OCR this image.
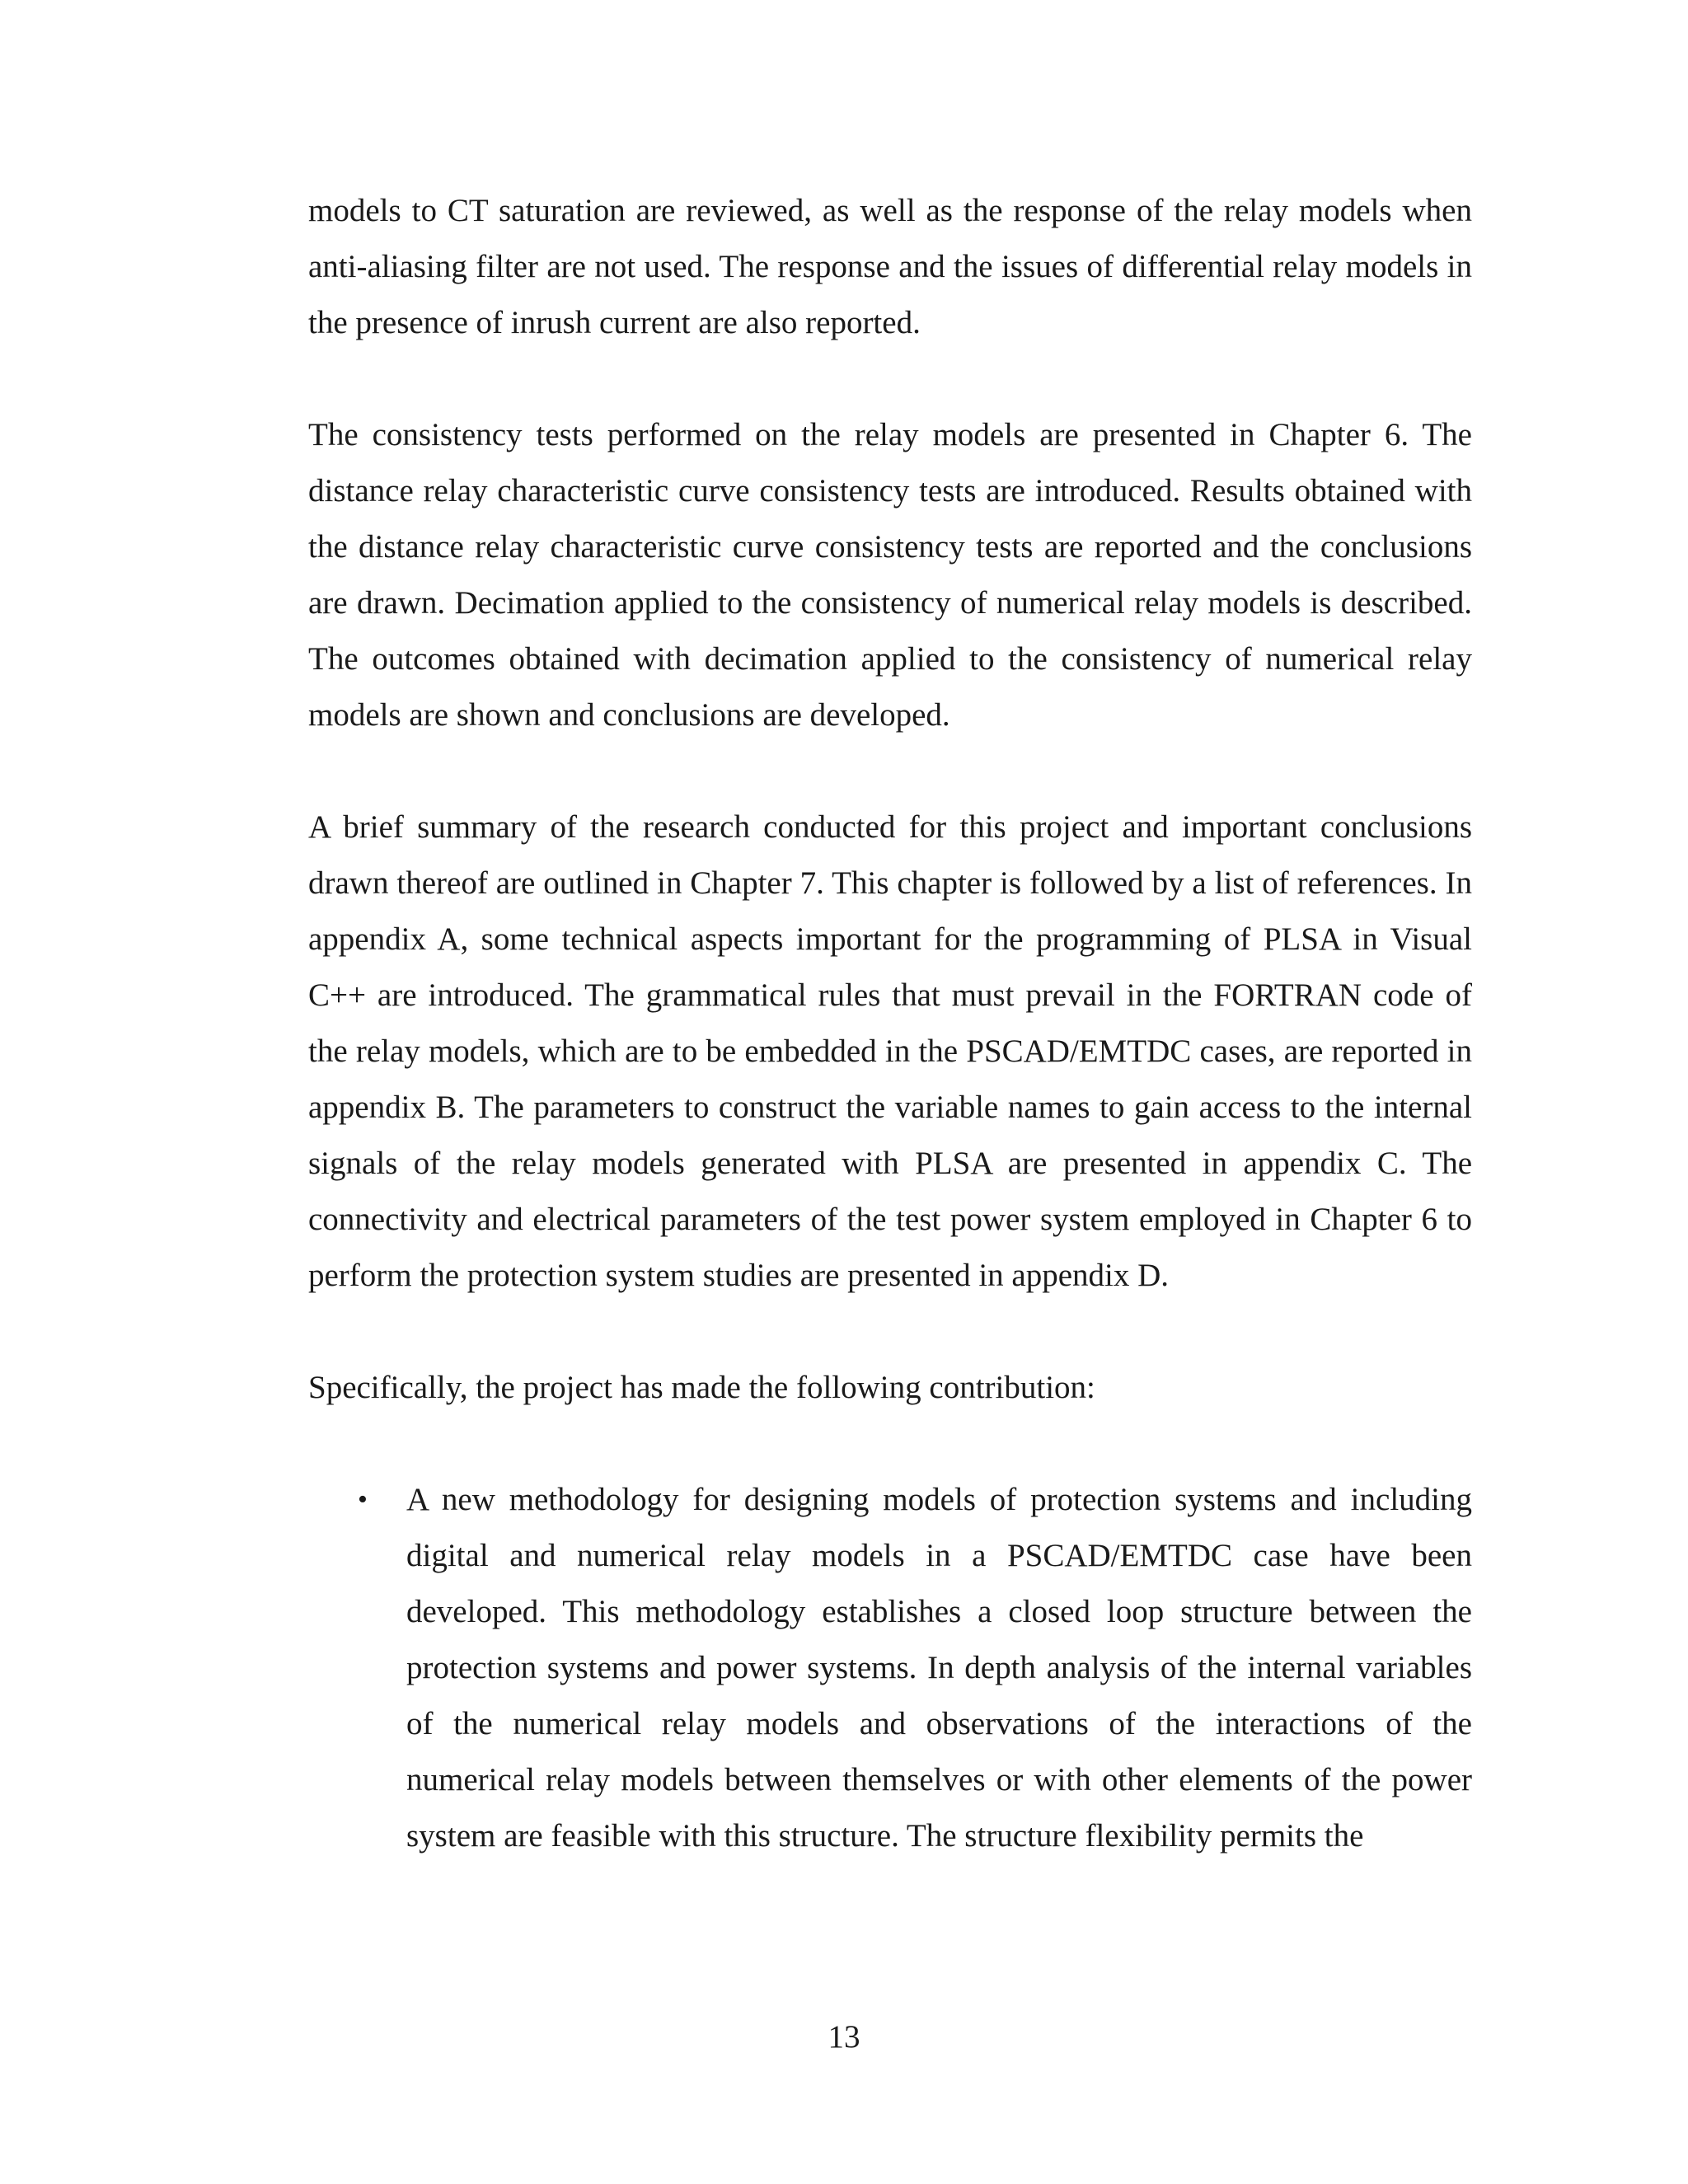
models to CT saturation are reviewed, as well as the response of the relay models when anti-aliasing filter are not used. The response and the issues of differential relay models in the presence of inrush current are also reported.

The consistency tests performed on the relay models are presented in Chapter 6. The distance relay characteristic curve consistency tests are introduced. Results obtained with the distance relay characteristic curve consistency tests are reported and the conclusions are drawn. Decimation applied to the consistency of numerical relay models is described. The outcomes obtained with decimation applied to the consistency of numerical relay models are shown and conclusions are developed.

A brief summary of the research conducted for this project and important conclusions drawn thereof are outlined in Chapter 7. This chapter is followed by a list of references. In appendix A, some technical aspects important for the programming of PLSA in Visual C++ are introduced. The grammatical rules that must prevail in the FORTRAN code of the relay models, which are to be embedded in the PSCAD/EMTDC cases, are reported in appendix B. The parameters to construct the variable names to gain access to the internal signals of the relay models generated with PLSA are presented in appendix C. The connectivity and electrical parameters of the test power system employed in Chapter 6 to perform the protection system studies are presented in appendix D.

Specifically, the project has made the following contribution:

• A new methodology for designing models of protection systems and including digital and numerical relay models in a PSCAD/EMTDC case have been developed. This methodology establishes a closed loop structure between the protection systems and power systems. In depth analysis of the internal variables of the numerical relay models and observations of the interactions of the numerical relay models between themselves or with other elements of the power system are feasible with this structure. The structure flexibility permits the
13
